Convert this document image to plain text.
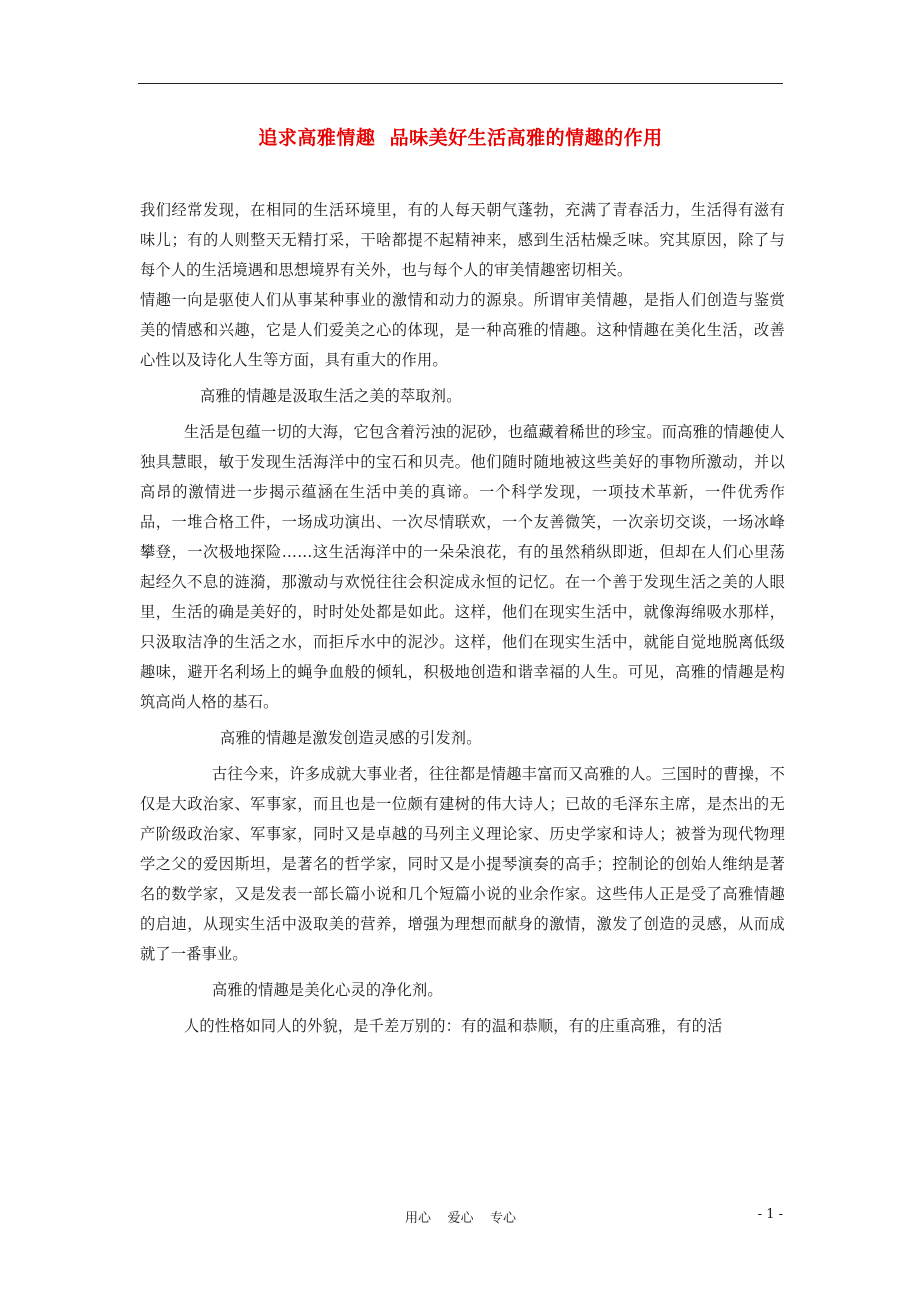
追求高雅情趣  品味美好生活高雅的情趣的作用

我们经常发现，在相同的生活环境里，有的人每天朝气蓬勃，充满了青春活力，生活得有滋有味儿；有的人则整天无精打采，干啥都提不起精神来，感到生活枯燥乏味。究其原因，除了与每个人的生活境遇和思想境界有关外，也与每个人的审美情趣密切相关。

情趣一向是驱使人们从事某种事业的激情和动力的源泉。所谓审美情趣，是指人们创造与鉴赏美的情感和兴趣，它是人们爱美之心的体现，是一种高雅的情趣。这种情趣在美化生活，改善心性以及诗化人生等方面，具有重大的作用。

高雅的情趣是汲取生活之美的萃取剂。

生活是包蕴一切的大海，它包含着污浊的泥砂，也蕴藏着稀世的珍宝。而高雅的情趣使人独具慧眼，敏于发现生活海洋中的宝石和贝壳。他们随时随地被这些美好的事物所激动，并以高昂的激情进一步揭示蕴涵在生活中美的真谛。一个科学发现，一项技术革新，一件优秀作品，一堆合格工件，一场成功演出、一次尽情联欢，一个友善微笑，一次亲切交谈，一场冰峰攀登，一次极地探险……这生活海洋中的一朵朵浪花，有的虽然稍纵即逝，但却在人们心里荡起经久不息的涟漪，那激动与欢悦往往会积淀成永恒的记忆。在一个善于发现生活之美的人眼里，生活的确是美好的，时时处处都是如此。这样，他们在现实生活中，就像海绵吸水那样，只汲取洁净的生活之水，而拒斥水中的泥沙。这样，他们在现实生活中，就能自觉地脱离低级趣味，避开名利场上的蝇争血般的倾轧，积极地创造和谐幸福的人生。可见，高雅的情趣是构筑高尚人格的基石。

高雅的情趣是激发创造灵感的引发剂。

古往今来，许多成就大事业者，往往都是情趣丰富而又高雅的人。三国时的曹操，不仅是大政治家、军事家，而且也是一位颇有建树的伟大诗人；已故的毛泽东主席，是杰出的无产阶级政治家、军事家，同时又是卓越的马列主义理论家、历史学家和诗人；被誉为现代物理学之父的爱因斯坦，是著名的哲学家，同时又是小提琴演奏的高手；控制论的创始人维纳是著名的数学家，又是发表一部长篇小说和几个短篇小说的业余作家。这些伟人正是受了高雅情趣的启迪，从现实生活中汲取美的营养，增强为理想而献身的激情，激发了创造的灵感，从而成就了一番事业。

高雅的情趣是美化心灵的净化剂。

人的性格如同人的外貌，是千差万别的：有的温和恭顺，有的庄重高雅，有的活

用心    爱心    专心	- 1 -
